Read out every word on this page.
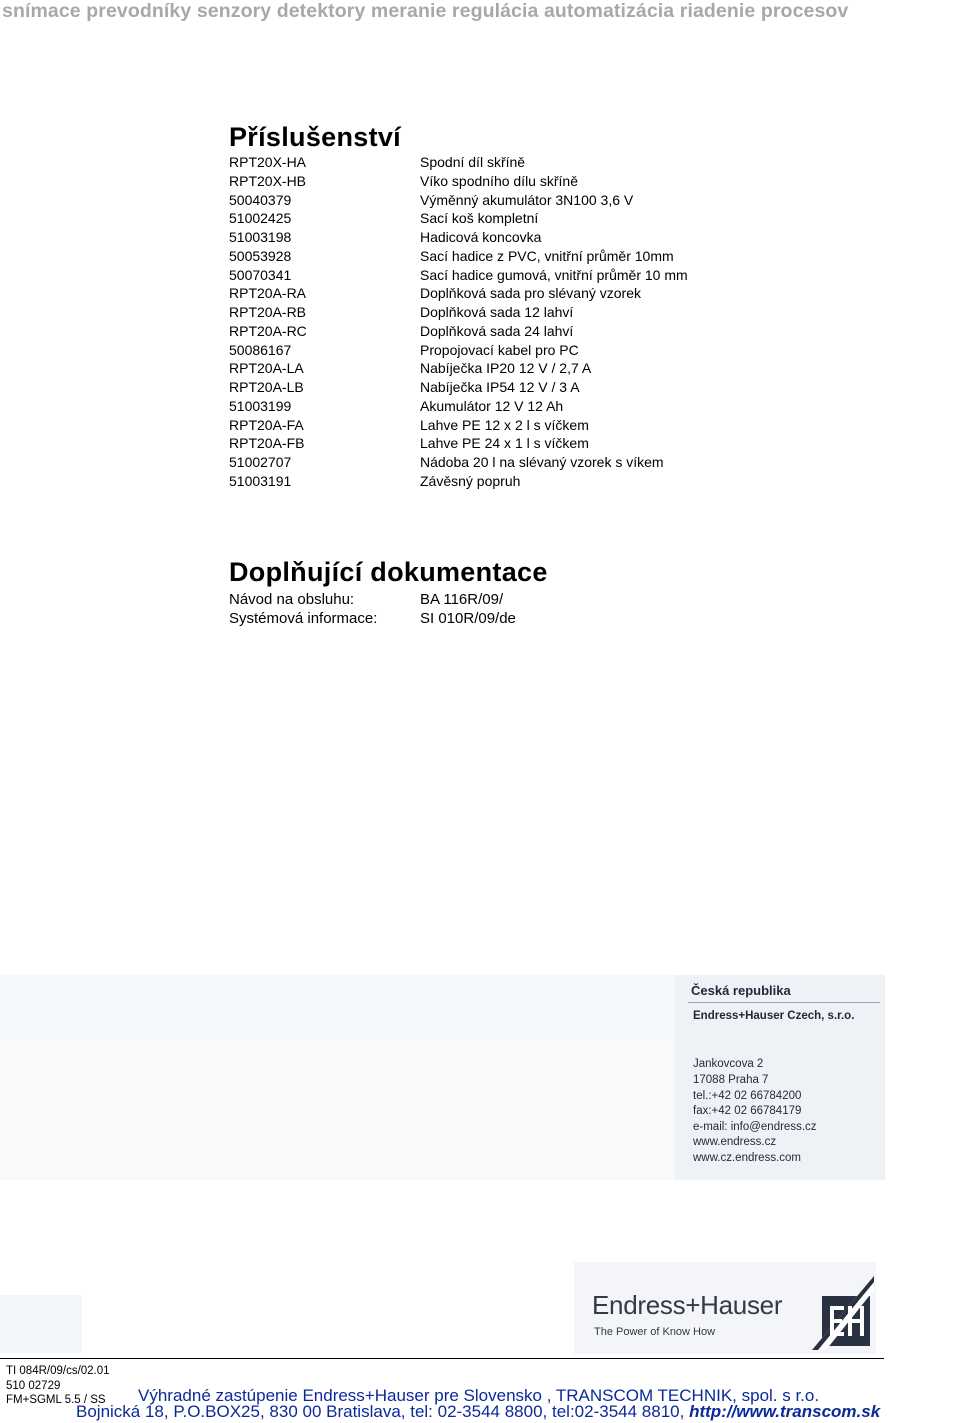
snímace prevodníky senzory detektory meranie regulácia automatizácia riadenie procesov
Příslušenství
RPT20X-HA	Spodní díl skříně
RPT20X-HB	Víko spodního dílu skříně
50040379	Výměnný akumulátor 3N100 3,6 V
51002425	Sací koš kompletní
51003198	Hadicová koncovka
50053928	Sací hadice z PVC, vnitřní průměr 10mm
50070341	Sací hadice gumová, vnitřní průměr 10 mm
RPT20A-RA	Doplňková sada pro slévaný vzorek
RPT20A-RB	Doplňková sada 12 lahví
RPT20A-RC	Doplňková sada 24 lahví
50086167	Propojovací kabel pro PC
RPT20A-LA	Nabíječka IP20 12 V / 2,7 A
RPT20A-LB	Nabíječka IP54 12 V / 3 A
51003199	Akumulátor 12 V 12 Ah
RPT20A-FA	Lahve PE 12 x 2 l s víčkem
RPT20A-FB	Lahve PE 24 x 1 l s víčkem
51002707	Nádoba 20 l na slévaný vzorek s víkem
51003191	Závěsný popruh
Doplňující dokumentace
Návod na obsluhu:	BA 116R/09/
Systémová informace:	SI 010R/09/de
Česká republika
Endress+Hauser Czech, s.r.o.
Jankovcova 2
17088 Praha 7
tel.:+42 02 66784200
fax:+42 02 66784179
e-mail: info@endress.cz
www.endress.cz
www.cz.endress.com
Endress+Hauser
The Power of Know How
EH
TI 084R/09/cs/02.01
510 02729
FM+SGML 5.5 / SS Výhradné zastúpenie Endress+Hauser pre Slovensko , TRANSCOM TECHNIK, spol. s r.o.
Bojnická 18, P.O.BOX25, 830 00 Bratislava, tel: 02-3544 8800, tel:02-3544 8810, http://www.transcom.sk
